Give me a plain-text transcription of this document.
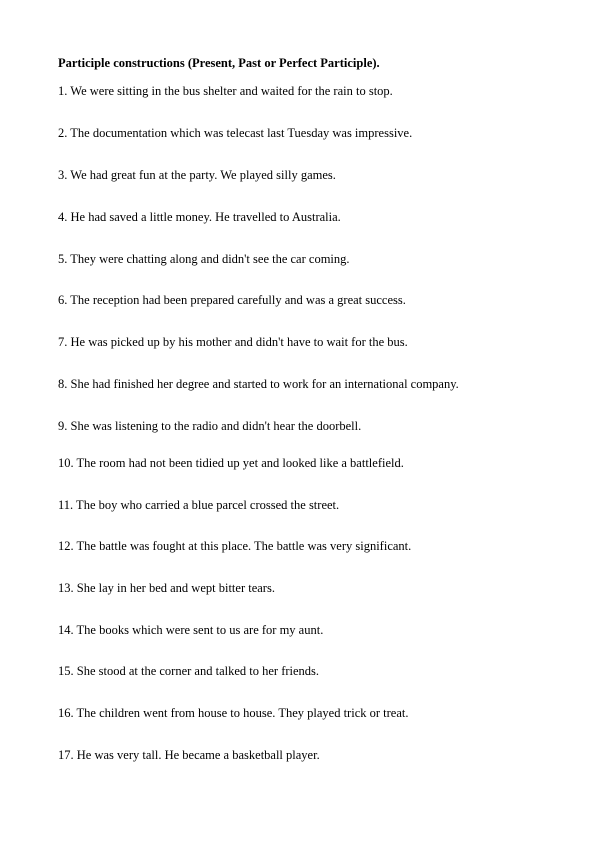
Participle constructions (Present, Past or Perfect Participle).
1. We were sitting in the bus shelter and waited for the rain to stop.
2. The documentation which was telecast last Tuesday was impressive.
3. We had great fun at the party. We played silly games.
4. He had saved a little money. He travelled to Australia.
5. They were chatting along and didn't see the car coming.
6. The reception had been prepared carefully and was a great success.
7. He was picked up by his mother and didn't have to wait for the bus.
8. She had finished her degree and started to work for an international company.
9. She was listening to the radio and didn't hear the doorbell.
10. The room had not been tidied up yet and looked like a battlefield.
11. The boy who carried a blue parcel crossed the street.
12. The battle was fought at this place. The battle was very significant.
13. She lay in her bed and wept bitter tears.
14. The books which were sent to us are for my aunt.
15. She stood at the corner and talked to her friends.
16. The children went from house to house. They played trick or treat.
17. He was very tall. He became a basketball player.
